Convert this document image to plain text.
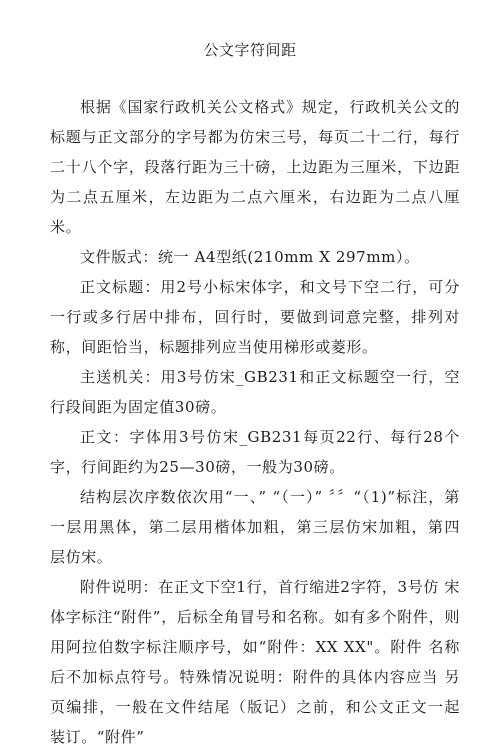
公文字符间距

根据《国家行政机关公文格式》规定，行政机关公文的 标题与正文部分的字号都为仿宋三号，每页二十二行，每行 二十八个字，段落行距为三十磅，上边距为三厘米，下边距 为二点五厘米，左边距为二点六厘米，右边距为二点八厘米。

文件版式：统一 A4型纸(210mm X 297mm）。

正文标题：用2号小标宋体字，和文号下空二行，可分 一行或多行居中排布，回行时，要做到词意完整，排列对称，间距恰当，标题排列应当使用梯形或菱形。

主送机关：用3号仿宋_GB231和正文标题空一行，空 行段间距为固定值30磅。

正文：字体用3号仿宋_GB231每页22行、每行28个 字，行间距约为25—30磅，一般为30磅。

结构层次序数依次用“一、” “（一）” 〞〞“（1)”标注，第一层用黑体，第二层用楷体加粗，第三层仿宋加粗，第四 层仿宋。

附件说明：在正文下空1行，首行缩进2字符，3号仿 宋体字标注“附件”，后标全角冒号和名称。如有多个附件，则用阿拉伯数字标注顺序号，如“附件：XX XX"。附件 名称后不加标点符号。特殊情况说明：附件的具体内容应当 另页编排，一般在文件结尾（版记）之前，和公文正文一起 装订。“附件”
